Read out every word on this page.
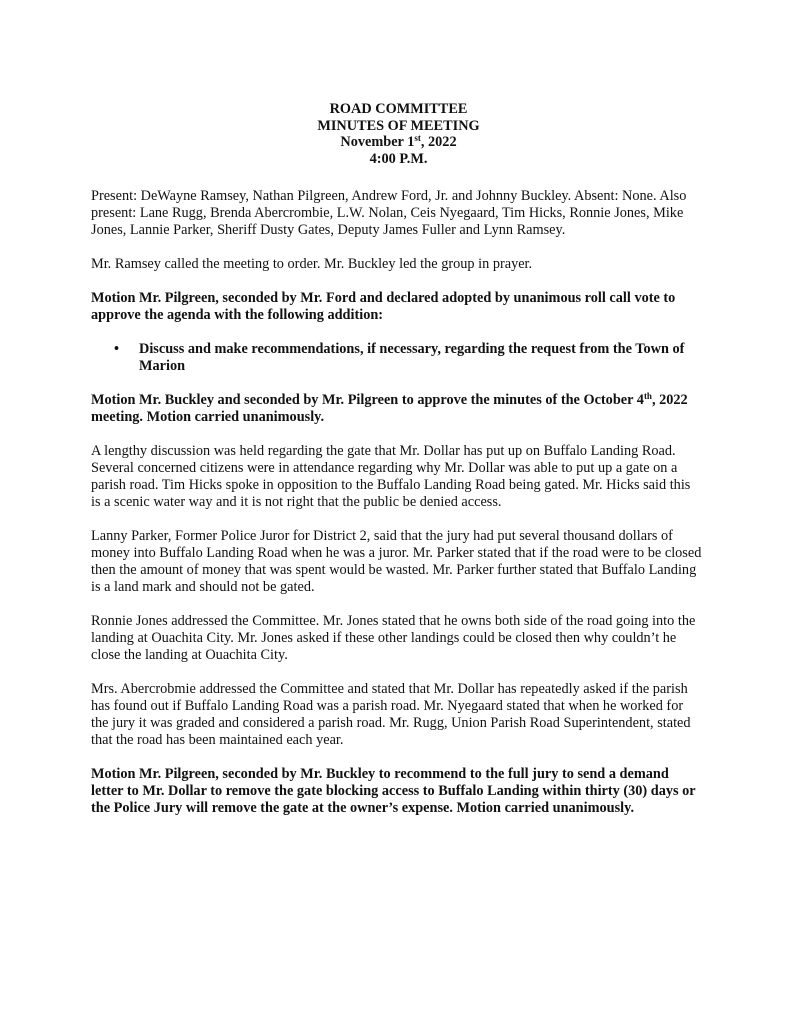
ROAD COMMITTEE
MINUTES OF MEETING
November 1st, 2022
4:00 P.M.

Present: DeWayne Ramsey, Nathan Pilgreen, Andrew Ford, Jr. and Johnny Buckley. Absent: None. Also present: Lane Rugg, Brenda Abercrombie, L.W. Nolan, Ceis Nyegaard, Tim Hicks, Ronnie Jones, Mike Jones, Lannie Parker, Sheriff Dusty Gates, Deputy James Fuller and Lynn Ramsey.

Mr. Ramsey called the meeting to order. Mr. Buckley led the group in prayer.

Motion Mr. Pilgreen, seconded by Mr. Ford and declared adopted by unanimous roll call vote to approve the agenda with the following addition:

• Discuss and make recommendations, if necessary, regarding the request from the Town of Marion

Motion Mr. Buckley and seconded by Mr. Pilgreen to approve the minutes of the October 4th, 2022 meeting. Motion carried unanimously.

A lengthy discussion was held regarding the gate that Mr. Dollar has put up on Buffalo Landing Road. Several concerned citizens were in attendance regarding why Mr. Dollar was able to put up a gate on a parish road. Tim Hicks spoke in opposition to the Buffalo Landing Road being gated. Mr. Hicks said this is a scenic water way and it is not right that the public be denied access.

Lanny Parker, Former Police Juror for District 2, said that the jury had put several thousand dollars of money into Buffalo Landing Road when he was a juror. Mr. Parker stated that if the road were to be closed then the amount of money that was spent would be wasted. Mr. Parker further stated that Buffalo Landing is a land mark and should not be gated.

Ronnie Jones addressed the Committee. Mr. Jones stated that he owns both side of the road going into the landing at Ouachita City. Mr. Jones asked if these other landings could be closed then why couldn’t he close the landing at Ouachita City.

Mrs. Abercrobmie addressed the Committee and stated that Mr. Dollar has repeatedly asked if the parish has found out if Buffalo Landing Road was a parish road. Mr. Nyegaard stated that when he worked for the jury it was graded and considered a parish road. Mr. Rugg, Union Parish Road Superintendent, stated that the road has been maintained each year.

Motion Mr. Pilgreen, seconded by Mr. Buckley to recommend to the full jury to send a demand letter to Mr. Dollar to remove the gate blocking access to Buffalo Landing within thirty (30) days or the Police Jury will remove the gate at the owner’s expense. Motion carried unanimously.
